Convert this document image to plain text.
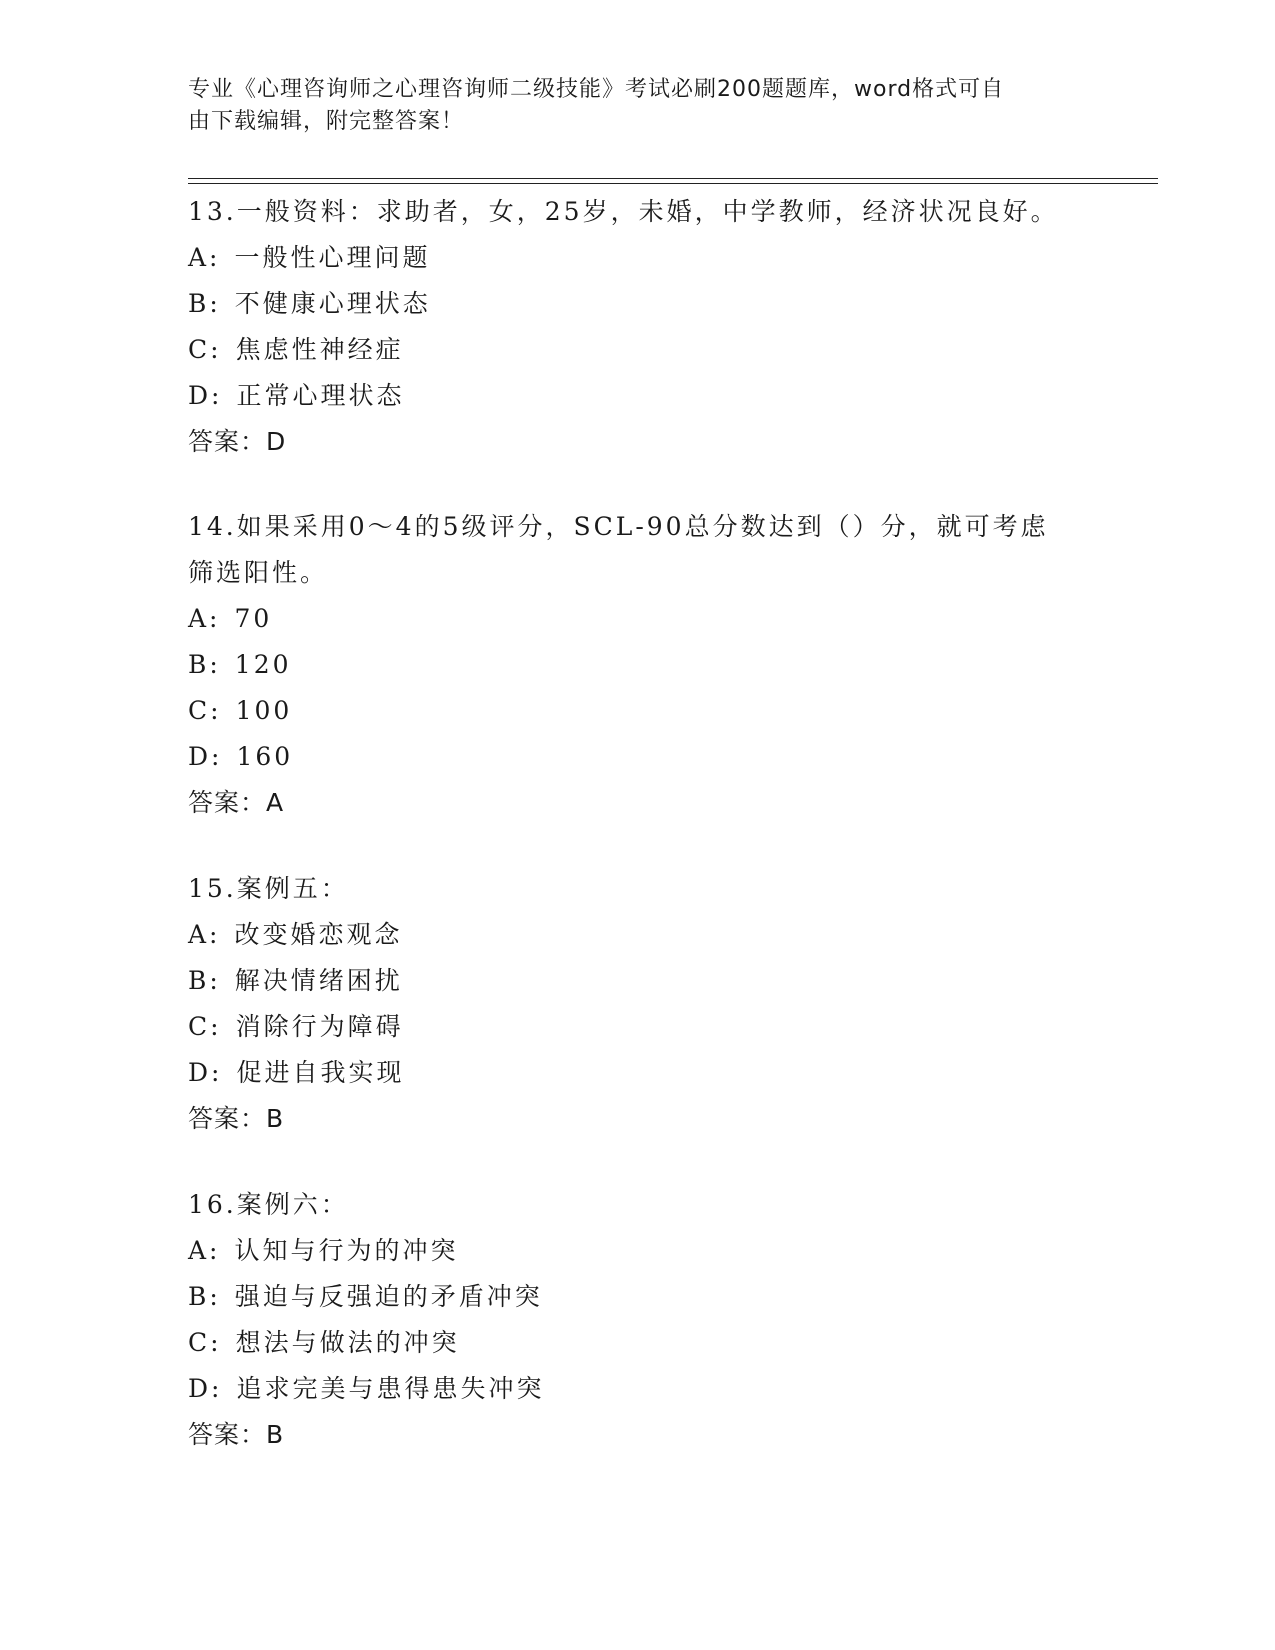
专业《心理咨询师之心理咨询师二级技能》考试必刷200题题库，word格式可自
由下载编辑，附完整答案！
13.一般资料：求助者，女，25岁，未婚，中学教师，经济状况良好。
A: 一般性心理问题
B: 不健康心理状态
C: 焦虑性神经症
D: 正常心理状态
答案：D
14.如果采用0～4的5级评分，SCL-90总分数达到（）分，就可考虑
筛选阳性。
A: 70
B: 120
C: 100
D: 160
答案：A
15.案例五：
A: 改变婚恋观念
B: 解决情绪困扰
C: 消除行为障碍
D: 促进自我实现
答案：B
16.案例六：
A: 认知与行为的冲突
B: 强迫与反强迫的矛盾冲突
C: 想法与做法的冲突
D: 追求完美与患得患失冲突
答案：B
